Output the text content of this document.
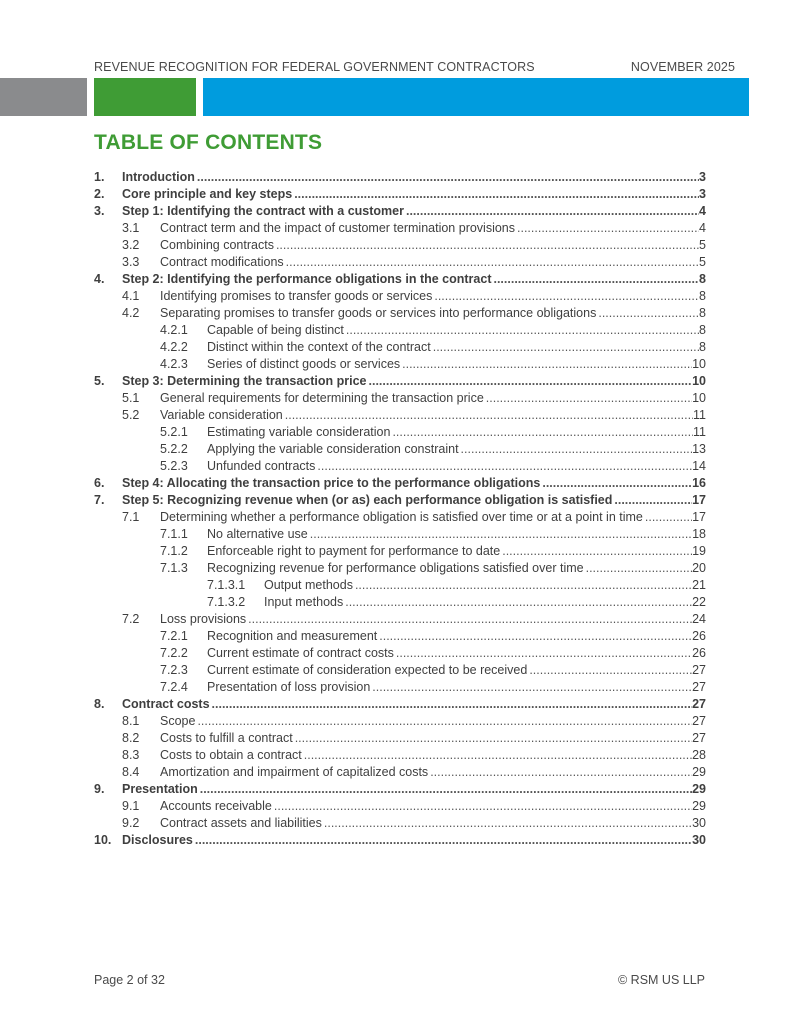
REVENUE RECOGNITION FOR FEDERAL GOVERNMENT CONTRACTORS	NOVEMBER 2025
TABLE OF CONTENTS
1.	Introduction .....	3
2.	Core principle and key steps .....	3
3.	Step 1: Identifying the contract with a customer .....	4
3.1	Contract term and the impact of customer termination provisions .....	4
3.2	Combining contracts .....	5
3.3	Contract modifications .....	5
4.	Step 2: Identifying the performance obligations in the contract .....	8
4.1	Identifying promises to transfer goods or services .....	8
4.2	Separating promises to transfer goods or services into performance obligations .....	8
4.2.1	Capable of being distinct .....	8
4.2.2	Distinct within the context of the contract .....	8
4.2.3	Series of distinct goods or services .....	10
5.	Step 3: Determining the transaction price .....	10
5.1	General requirements for determining the transaction price .....	10
5.2	Variable consideration .....	11
5.2.1	Estimating variable consideration .....	11
5.2.2	Applying the variable consideration constraint .....	13
5.2.3	Unfunded contracts .....	14
6.	Step 4: Allocating the transaction price to the performance obligations .....	16
7.	Step 5: Recognizing revenue when (or as) each performance obligation is satisfied .....	17
7.1	Determining whether a performance obligation is satisfied over time or at a point in time .....	17
7.1.1	No alternative use .....	18
7.1.2	Enforceable right to payment for performance to date .....	19
7.1.3	Recognizing revenue for performance obligations satisfied over time .....	20
7.1.3.1	Output methods .....	21
7.1.3.2	Input methods .....	22
7.2	Loss provisions .....	24
7.2.1	Recognition and measurement .....	26
7.2.2	Current estimate of contract costs .....	26
7.2.3	Current estimate of consideration expected to be received .....	27
7.2.4	Presentation of loss provision .....	27
8.	Contract costs .....	27
8.1	Scope .....	27
8.2	Costs to fulfill a contract .....	27
8.3	Costs to obtain a contract .....	28
8.4	Amortization and impairment of capitalized costs .....	29
9.	Presentation .....	29
9.1	Accounts receivable .....	29
9.2	Contract assets and liabilities .....	30
10. Disclosures .....	30
Page 2 of 32	© RSM US LLP
